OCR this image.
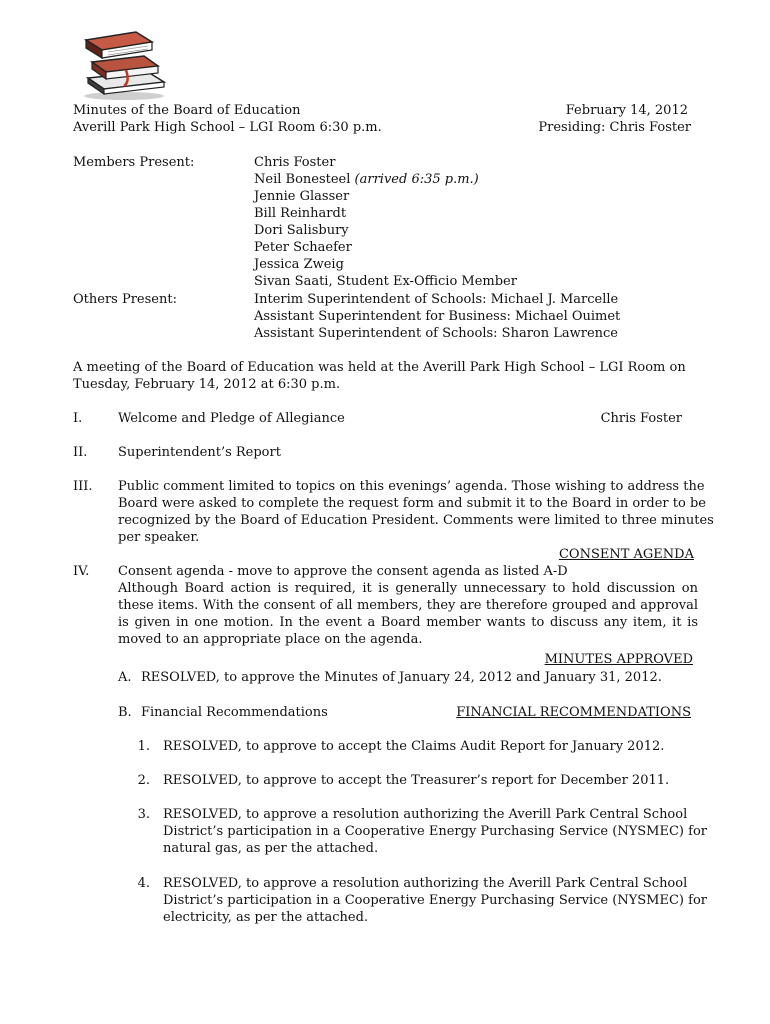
Minutes of the Board of Education
Averill Park High School – LGI Room 6:30 p.m.
February 14, 2012
Presiding: Chris Foster
Members Present:	Chris Foster
Neil Bonesteel (arrived 6:35 p.m.)
Jennie Glasser
Bill Reinhardt
Dori Salisbury
Peter Schaefer
Jessica Zweig
Sivan Saati, Student Ex-Officio Member
Others Present:	Interim Superintendent of Schools: Michael J. Marcelle
Assistant Superintendent for Business: Michael Ouimet
Assistant Superintendent of Schools: Sharon Lawrence
A meeting of the Board of Education was held at the Averill Park High School – LGI Room on
Tuesday, February 14, 2012 at 6:30 p.m.
I.	Welcome and Pledge of Allegiance	Chris Foster
II. Superintendent’s Report
III. Public comment limited to topics on this evenings’ agenda. Those wishing to address the
Board were asked to complete the request form and submit it to the Board in order to be
recognized by the Board of Education President. Comments were limited to three minutes
per speaker.
CONSENT AGENDA
IV. Consent agenda - move to approve the consent agenda as listed A-D
Although Board action is required, it is generally unnecessary to hold discussion on these items. With the consent of all members, they are therefore grouped and approval is given in one motion. In the event a Board member wants to discuss any item, it is moved to an appropriate place on the agenda.
MINUTES APPROVED
A. RESOLVED, to approve the Minutes of January 24, 2012 and January 31, 2012.
B. Financial Recommendations	FINANCIAL RECOMMENDATIONS
1. RESOLVED, to approve to accept the Claims Audit Report for January 2012.
2. RESOLVED, to approve to accept the Treasurer’s report for December 2011.
3. RESOLVED, to approve a resolution authorizing the Averill Park Central School
District’s participation in a Cooperative Energy Purchasing Service (NYSMEC) for
natural gas, as per the attached.
4. RESOLVED, to approve a resolution authorizing the Averill Park Central School
District’s participation in a Cooperative Energy Purchasing Service (NYSMEC) for
electricity, as per the attached.
